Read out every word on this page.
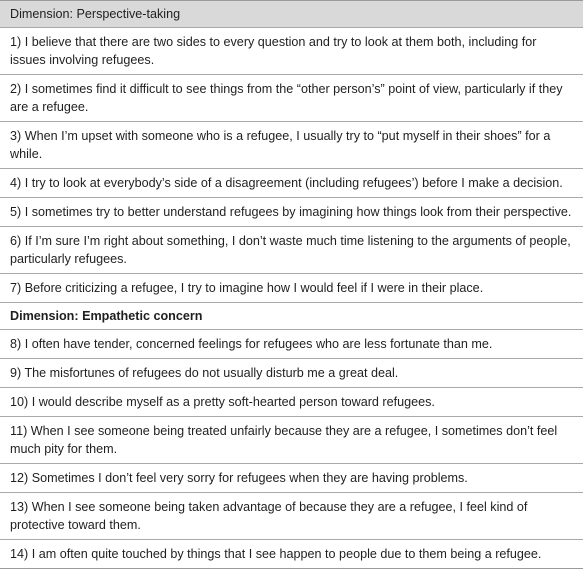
Dimension: Perspective-taking
1) I believe that there are two sides to every question and try to look at them both, including for issues involving refugees.
2) I sometimes find it difficult to see things from the “other person’s” point of view, particularly if they are a refugee.
3) When I’m upset with someone who is a refugee, I usually try to “put myself in their shoes” for a while.
4) I try to look at everybody’s side of a disagreement (including refugees’) before I make a decision.
5) I sometimes try to better understand refugees by imagining how things look from their perspective.
6) If I’m sure I’m right about something, I don’t waste much time listening to the arguments of people, particularly refugees.
7) Before criticizing a refugee, I try to imagine how I would feel if I were in their place.
Dimension: Empathetic concern
8) I often have tender, concerned feelings for refugees who are less fortunate than me.
9) The misfortunes of refugees do not usually disturb me a great deal.
10) I would describe myself as a pretty soft-hearted person toward refugees.
11) When I see someone being treated unfairly because they are a refugee, I sometimes don’t feel much pity for them.
12) Sometimes I don’t feel very sorry for refugees when they are having problems.
13) When I see someone being taken advantage of because they are a refugee, I feel kind of protective toward them.
14) I am often quite touched by things that I see happen to people due to them being a refugee.
